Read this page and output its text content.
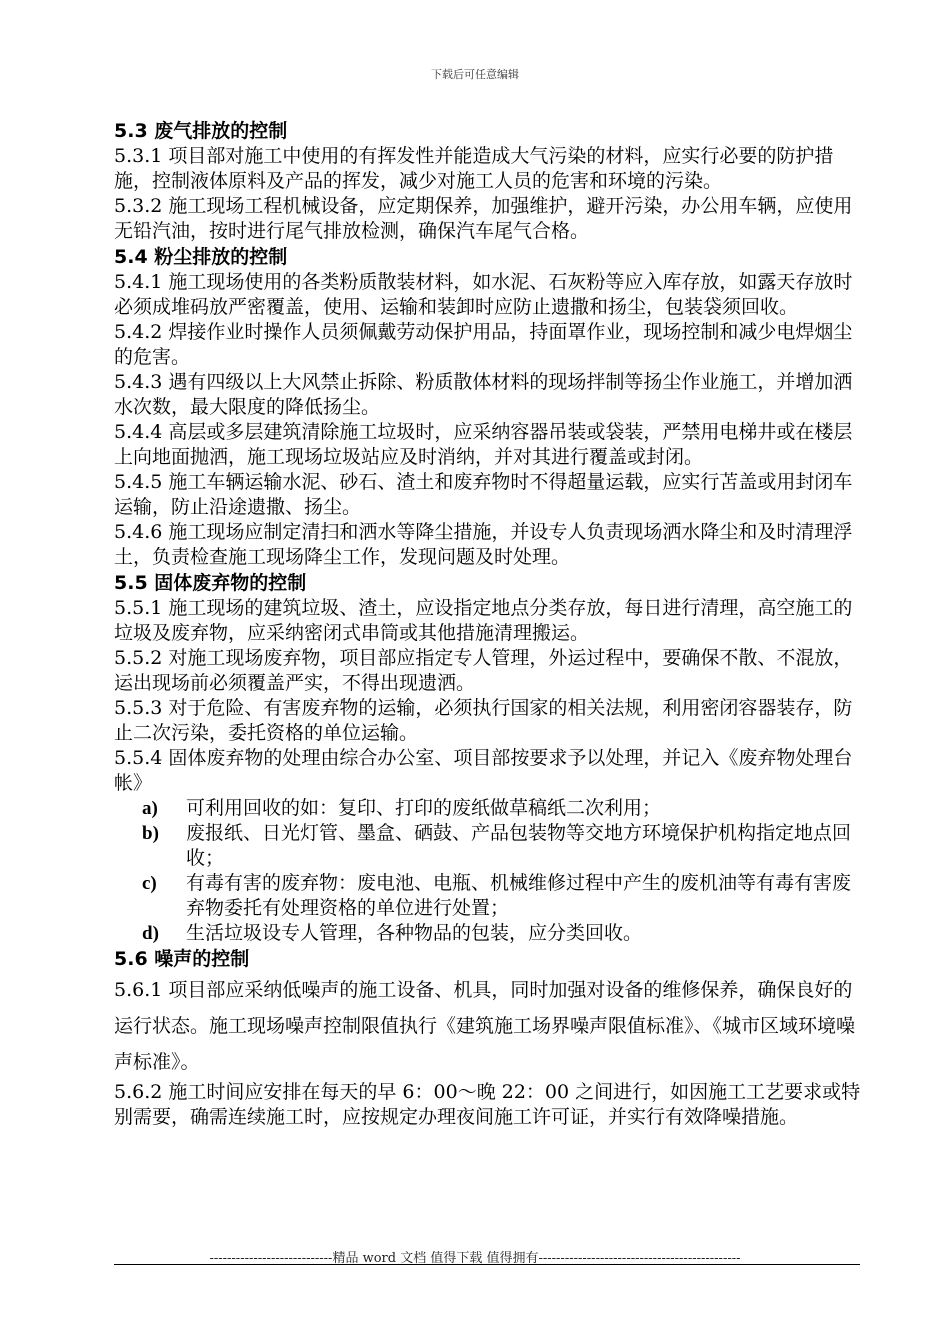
下载后可任意编辑
5.3 废气排放的控制

5.3.1 项目部对施工中使用的有挥发性并能造成大气污染的材料，应实行必要的防护措施，控制液体原料及产品的挥发，减少对施工人员的危害和环境的污染。

5.3.2 施工现场工程机械设备，应定期保养，加强维护，避开污染，办公用车辆，应使用无铅汽油，按时进行尾气排放检测，确保汽车尾气合格。

5.4 粉尘排放的控制

5.4.1 施工现场使用的各类粉质散装材料，如水泥、石灰粉等应入库存放，如露天存放时必须成堆码放严密覆盖，使用、运输和装卸时应防止遗撒和扬尘，包装袋须回收。

5.4.2 焊接作业时操作人员须佩戴劳动保护用品，持面罩作业，现场控制和减少电焊烟尘的危害。

5.4.3 遇有四级以上大风禁止拆除、粉质散体材料的现场拌制等扬尘作业施工，并增加洒水次数，最大限度的降低扬尘。

5.4.4 高层或多层建筑清除施工垃圾时，应采纳容器吊装或袋装，严禁用电梯井或在楼层上向地面抛洒，施工现场垃圾站应及时消纳，并对其进行覆盖或封闭。

5.4.5 施工车辆运输水泥、砂石、渣土和废弃物时不得超量运载，应实行苫盖或用封闭车运输，防止沿途遗撒、扬尘。

5.4.6 施工现场应制定清扫和洒水等降尘措施，并设专人负责现场洒水降尘和及时清理浮土，负责检查施工现场降尘工作，发现问题及时处理。

5.5 固体废弃物的控制

5.5.1 施工现场的建筑垃圾、渣土，应设指定地点分类存放，每日进行清理，高空施工的垃圾及废弃物，应采纳密闭式串筒或其他措施清理搬运。

5.5.2 对施工现场废弃物，项目部应指定专人管理，外运过程中，要确保不散、不混放，运出现场前必须覆盖严实，不得出现遗洒。

5.5.3 对于危险、有害废弃物的运输，必须执行国家的相关法规，利用密闭容器装存，防止二次污染，委托资格的单位运输。

5.5.4 固体废弃物的处理由综合办公室、项目部按要求予以处理，并记入《废弃物处理台帐》

a)	可利用回收的如：复印、打印的废纸做草稿纸二次利用；
b)	废报纸、日光灯管、墨盒、硒鼓、产品包装物等交地方环境保护机构指定地点回收；
c)	有毒有害的废弃物：废电池、电瓶、机械维修过程中产生的废机油等有毒有害废弃物委托有处理资格的单位进行处置；
d)	生活垃圾设专人管理，各种物品的包装，应分类回收。
5.6 噪声的控制

5.6.1 项目部应采纳低噪声的施工设备、机具，同时加强对设备的维修保养，确保良好的运行状态。施工现场噪声控制限值执行《建筑施工场界噪声限值标准》、《城市区域环境噪声标准》。

5.6.2 施工时间应安排在每天的早 6：00～晚 22：00 之间进行，如因施工工艺要求或特别需要，确需连续施工时，应按规定办理夜间施工许可证，并实行有效降噪措施。

----------------------------精品 word 文档 值得下载 值得拥有----------------------------------------------
